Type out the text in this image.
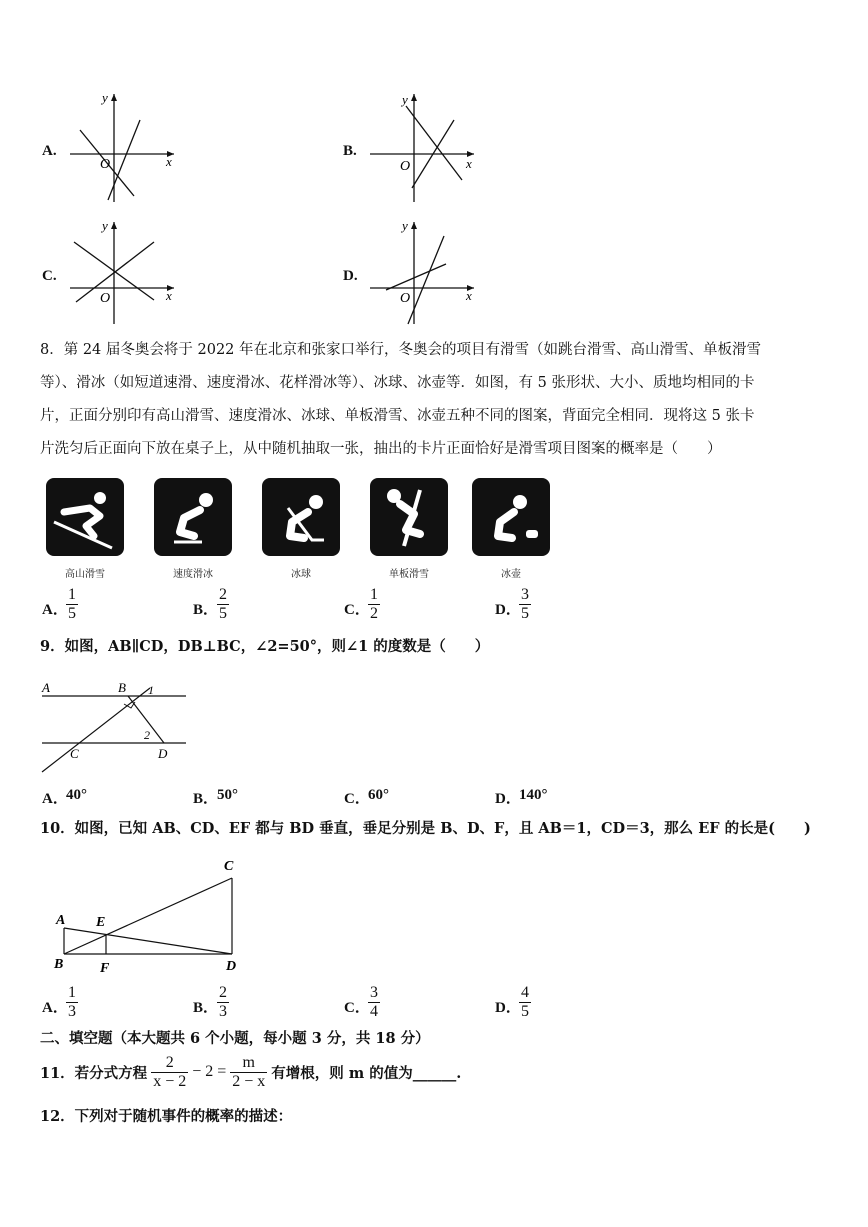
A.
x
y
O
B.
x
y
O
C.
x
y
O
D.
x
y
O
8．第 24 届冬奥会将于 2022 年在北京和张家口举行，冬奥会的项目有滑雪（如跳台滑雪、高山滑雪、单板滑雪
等）、滑冰（如短道速滑、速度滑冰、花样滑冰等）、冰球、冰壶等．如图，有 5 张形状、大小、质地均相同的卡
片，正面分别印有高山滑雪、速度滑冰、冰球、单板滑雪、冰壶五种不同的图案，背面完全相同．现将这 5 张卡
片洗匀后正面向下放在桌子上，从中随机抽取一张，抽出的卡片正面恰好是滑雪项目图案的概率是（　　）
高山滑雪	速度滑冰	冰球	单板滑雪	冰壶
A．
$\frac{1}{5}$	B．
$\frac{2}{5}$	C．
$\frac{1}{2}$	D．
$\frac{3}{5}$
9．如图，AB∥CD，DB⊥BC，∠2=50°，则∠1 的度数是（　　）
A	B 1
2
C	D
A．
40°	B．
50°	C．
60°	D．
140°
10．如图，已知 AB、CD、EF 都与 BD 垂直，垂足分别是 B、D、F，且 AB＝1，CD＝3，那么 EF 的长是(　　)
A
B
C
D
E
F
A．
$\frac{1}{3}$	B．
$\frac{2}{3}$	C．
$\frac{3}{4}$	D．
$\frac{4}{5}$
二、填空题（本大题共 6 个小题，每小题 3 分，共 18 分）
11．若分式方程
2
x − 2
− $2 = \frac{m}{2 - x}$ 有增根，则 m 的值为______.
12．下列对于随机事件的概率的描述：
